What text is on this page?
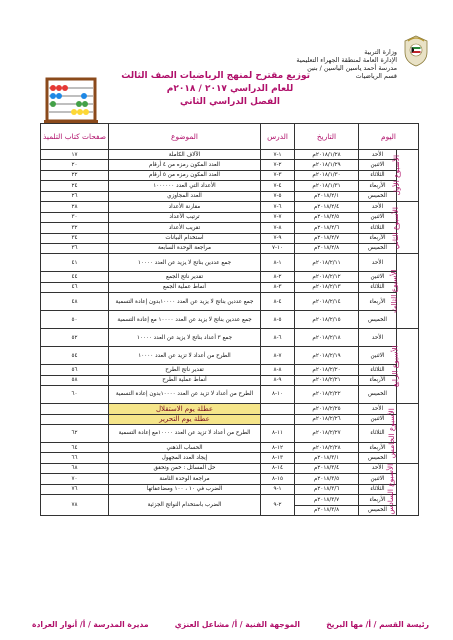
وزارة التربية
الإدارة العامة لمنطقة الجهراء التعليمية
مدرسة أحمد ياسين الياسين / بنين
قسم الرياضيات
توزيع مقترح لمنهج الرياضيات الصف الثالث
للعام الدراسي ٢٠١٧ / ٢٠١٨م
الفصل الدراسي الثاني
اليوم		التاريخ	الدرس	الموضوع	صفحات كتاب التلميذ
الأسبوع الأول	الأحد	٢٠١٨/١/٢٨م	١-٧	الآلاف الكاملة	١٧
	الاثنين	٢٠١٨/١/٢٩م	٢-٧	العدد المكون رمزه من ٤ أرقام	٢٠
	الثلاثاء	٢٠١٨/١/٣٠م	٣-٧	العدد المكون رمزه من ٥ أرقام	٢٢
	الأربعاء	٢٠١٨/١/٣١م	٤-٧	الأعداد التي العدد ١٠٠٠٠٠٠	٢٤
	الخميس	٢٠١٨/٢/١م	٥-٧	العدد المجاوزي	٢٦
الأسبوع الثاني	الأحد	٢٠١٨/٢/٤م	٦-٧	مقارنة الأعداد	٢٨
	الاثنين	٢٠١٨/٢/٥م	٧-٧	ترتيب الأعداد	٣٠
	الثلاثاء	٢٠١٨/٢/٦م	٨-٧	تقريب الأعداد	٣٢
	الأربعاء	٢٠١٨/٢/٧م	٩-٧	استخدام البيانات	٣٤
	الخميس	٢٠١٨/٢/٨م	١٠-٧	مراجعة الوحدة السابعة	٣٦
الأسبوع الثالث	الأحد	٢٠١٨/٢/١١م	١-٨	جمع عددين بناتج لا يزيد عن العدد ١٠٠٠٠	٤١
	الاثنين	٢٠١٨/٢/١٢م	٢-٨	تقدير ناتج الجمع	٤٤
	الثلاثاء	٢٠١٨/٢/١٣م	٣-٨	أنماط عملية الجمع	٤٦
	الأربعاء	٢٠١٨/٢/١٤م	٤-٨	جمع عددين بناتج لا يزيد عن العدد ١٠٠٠٠بدون إعادة التسمية	٤٨
	الخميس	٢٠١٨/٢/١٥م	٥-٨	جمع عددين بناتج لا يزيد عن العدد ١٠٠٠٠ مع إعادة التسمية	٥٠
الأسبوع الرابع	الأحد	٢٠١٨/٢/١٨م	٦-٨	جمع ٣ أعداد بناتج لا يزيد عن العدد ١٠٠٠٠	٥٢
	الاثنين	٢٠١٨/٢/١٩م	٧-٨	الطرح من أعداد لا تزيد عن العدد ١٠٠٠٠	٥٤
	الثلاثاء	٢٠١٨/٢/٢٠م	٨-٨	تقدير ناتج الطرح	٥٦
	الأربعاء	٢٠١٨/٢/٢١م	٩-٨	أنماط عملية الطرح	٥٨
	الخميس	٢٠١٨/٢/٢٢م	١٠-٨	الطرح من أعداد لا تزيد عن العدد ١٠٠٠٠بدون إعادة التسمية	٦٠
الأسبوع الخامس	الأحد	٢٠١٨/٢/٢٥م		عطلة يوم الاستقلال	
	الاثنين	٢٠١٨/٢/٢٦م		عطلة يوم التحرير	
	الثلاثاء	٢٠١٨/٢/٢٧م	١١-٨	الطرح من أعداد لا تزيد عن العدد ١٠٠٠٠مع إعادة التسمية	٦٢
	الأربعاء	٢٠١٨/٢/٢٨م	١٢-٨	الحساب الذهني	٦٤
	الخميس	٢٠١٨/٣/١م	١٣-٨	إيجاد العدد المجهول	٦٦
الأسبوع السادس	الأحد	٢٠١٨/٣/٤م	١٤-٨	حل المسائل : خمن وتحقق	٦٨
	الاثنين	٢٠١٨/٣/٥م	١٥-٨	مراجعة الوحدة الثامنة	٧٠
	الثلاثاء	٢٠١٨/٣/٦م	١-٩	الضرب في ١٠ ، ١٠٠ ومضاعفاتها	٧٦
	الأربعاء	٢٠١٨/٣/٧م	٢-٩	الضرب باستخدام النواتج الجزئية	٧٨
	الخميس	٢٠١٨/٣/٨م			
رئيسة القسم / أ/ مها البريخ
الموجهة الفنية / أ/ مشاعل العنزي
مديرة المدرسة / أ/ أنوار العرادة
